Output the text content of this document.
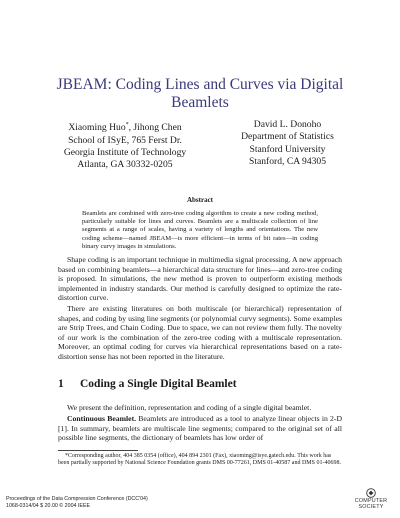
JBEAM: Coding Lines and Curves via Digital
Beamlets
Xiaoming Huo*, Jihong Chen
School of ISyE, 765 Ferst Dr.
Georgia Institute of Technology
Atlanta, GA 30332-0205
David L. Donoho
Department of Statistics
Stanford University
Stanford, CA 94305
Abstract

Beamlets are combined with zero-tree coding algorithm to create a new coding method, particularly suitable for lines and curves. Beamlets are a multiscale collection of line segments at a range of scales, having a variety of lengths and orientations. The new coding scheme—named JBEAM—is more efficient—in terms of bit rates—in coding binary curvy images in simulations.

Shape coding is an important technique in multimedia signal processing. A new approach based on combining beamlets—a hierarchical data structure for lines—and zero-tree coding is proposed. In simulations, the new method is proven to outperform existing methods implemented in industry standards. Our method is carefully designed to optimize the rate-distortion curve.

There are existing literatures on both multiscale (or hierarchical) representation of shapes, and coding by using line segments (or polynomial curvy segments). Some examples are Strip Trees, and Chain Coding. Due to space, we can not review them fully. The novelty of our work is the combination of the zero-tree coding with a multiscale representation. Moreover, an optimal coding for curves via hierarchical representations based on a rate-distortion sense has not been reported in the literature.

1 Coding a Single Digital Beamlet

We present the definition, representation and coding of a single digital beamlet.

Continuous Beamlet. Beamlets are introduced as a tool to analyze linear objects in 2-D [1]. In summary, beamlets are multiscale line segments; compared to the original set of all possible line segments, the dictionary of beamlets has low order of

*Corresponding author, 404 385 0354 (office), 404 894 2301 (Fax), xiaoming@isye.gatech.edu. This work has been partially supported by National Science Foundation grants DMS 00-77261, DMS 01-40587 and DMS 01-40698.

Proceedings of the Data Compression Conference (DCC'04)
1068-0314/04 $ 20.00 © 2004 IEEE
COMPUTER
SOCIETY
